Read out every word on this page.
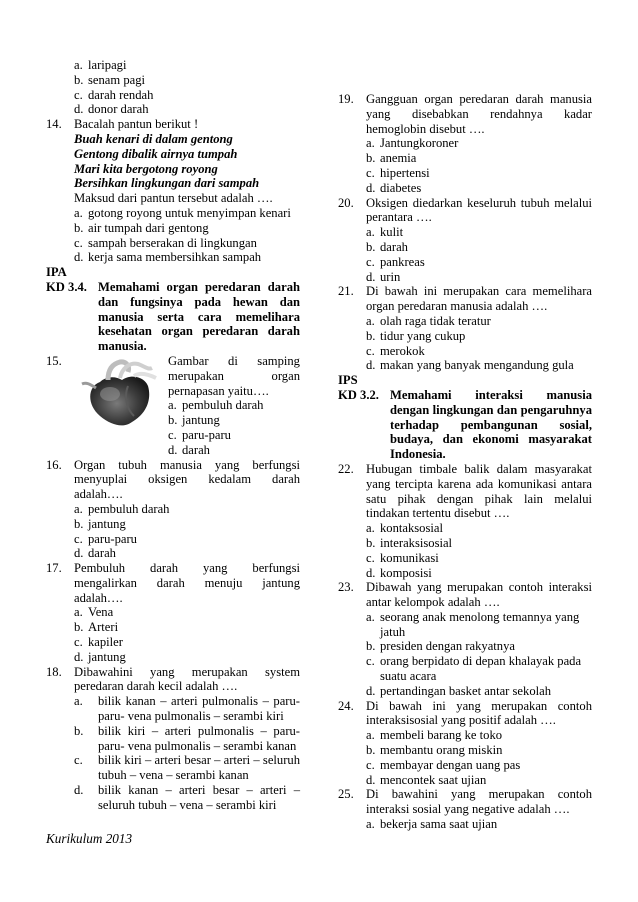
a. laripagi
b. senam pagi
c. darah rendah
d. donor darah
14. Bacalah pantun berikut !
Buah kenari di dalam gentong
Gentong dibalik airnya tumpah
Mari kita bergotong royong
Bersihkan lingkungan dari sampah
Maksud dari pantun tersebut adalah ….
a. gotong royong untuk menyimpan kenari
b. air tumpah dari gentong
c. sampah berserakan di lingkungan
d. kerja sama membersihkan sampah
IPA
KD 3.4. Memahami organ peredaran darah dan fungsinya pada hewan dan manusia serta cara memelihara kesehatan organ peredaran darah manusia.
15.	Gambar di samping
merupakan	organ
pernapasan yaitu….
a. pembuluh darah
b. jantung
c. paru-paru
d. darah
16. Organ tubuh manusia yang berfungsi menyuplai oksigen kedalam darah

adalah….
a. pembuluh darah
b. jantung
c. paru-paru
d. darah
17. Pembuluh darah yang berfungsi mengalirkan darah menuju jantung

adalah….
a. Vena
b. Arteri
c. kapiler
d. jantung
18. Dibawahini yang merupakan system

peredaran darah kecil adalah ….
a. bilik kanan – arteri pulmonalis – paru-paru- vena pulmonalis – serambi kiri

b. bilik kiri – arteri pulmonalis – paru-paru- vena pulmonalis – serambi kanan

c. bilik kiri – arteri besar – arteri – seluruh tubuh – vena – serambi kanan

d. bilik kanan – arteri besar – arteri – seluruh tubuh – vena – serambi kiri

19. Gangguan organ peredaran darah manusia yang disebabkan rendahnya kadar hemoglobin disebut ….

a. Jantungkoroner
b. anemia
c. hipertensi
d. diabetes
20. Oksigen diedarkan keseluruh tubuh melalui perantara ….

a. kulit
b. darah
c. pankreas
d. urin
21. Di bawah ini merupakan cara memelihara organ peredaran manusia adalah ….

a. olah raga tidak teratur
b. tidur yang cukup
c. merokok
d. makan yang banyak mengandung gula
IPS
KD 3.2. Memahami interaksi manusia dengan lingkungan dan pengaruhnya terhadap pembangunan sosial, budaya, dan ekonomi masyarakat Indonesia.

22. Hubugan timbale balik dalam masyarakat yang tercipta karena ada komunikasi antara satu pihak dengan pihak lain melalui tindakan tertentu disebut ….

a. kontaksosial
b. interaksisosial
c. komunikasi
d. komposisi
23. Dibawah yang merupakan contoh interaksi antar kelompok adalah ….

a. seorang anak menolong temannya yang jatuh
b. presiden dengan rakyatnya
c. orang berpidato di depan khalayak pada suatu acara
d. pertandingan basket antar sekolah
24. Di bawah ini yang merupakan contoh interaksisosial yang positif adalah ….

a. membeli barang ke toko
b. membantu orang miskin
c. membayar dengan uang pas
d. mencontek saat ujian
25. Di bawahini yang merupakan contoh interaksi sosial yang negative adalah ….

a. bekerja sama saat ujian
Kurikulum 2013
